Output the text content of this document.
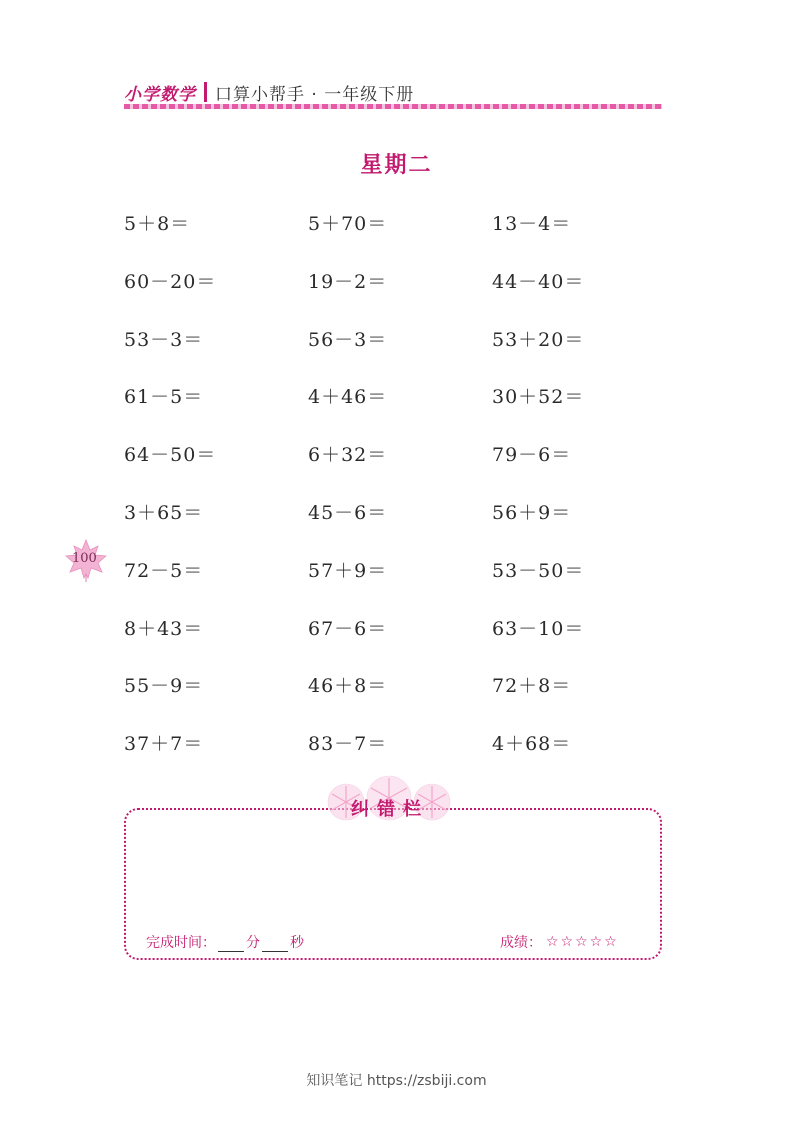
小学数学 口算小帮手 · 一年级下册
星期二
5＋8＝	5＋70＝	13－4＝
60－20＝	19－2＝	44－40＝
53－3＝	56－3＝	53＋20＝
61－5＝	4＋46＝	30＋52＝
64－50＝	6＋32＝	79－6＝
3＋65＝	45－6＝	56＋9＝
72－5＝	57＋9＝	53－50＝
8＋43＝	67－6＝	63－10＝
55－9＝	46＋8＝	72＋8＝
37＋7＝	83－7＝	4＋68＝
100
纠错栏
完成时间： 分 秒	成绩： ☆☆☆☆☆
知识笔记 https://zsbiji.com
